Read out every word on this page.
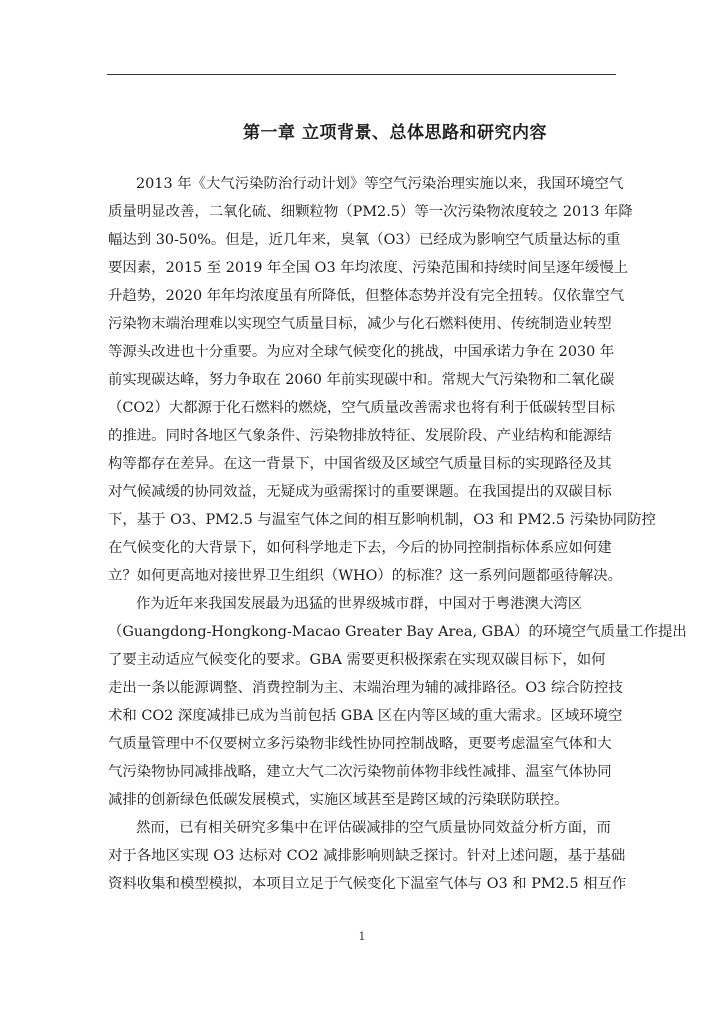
第一章 立项背景、总体思路和研究内容
2013 年《大气污染防治行动计划》等空气污染治理实施以来，我国环境空气
质量明显改善，二氧化硫、细颗粒物（PM2.5）等一次污染物浓度较之 2013 年降
幅达到 30-50%。但是，近几年来，臭氧（O3）已经成为影响空气质量达标的重
要因素，2015 至 2019 年全国 O3 年均浓度、污染范围和持续时间呈逐年缓慢上
升趋势，2020 年年均浓度虽有所降低，但整体态势并没有完全扭转。仅依靠空气
污染物末端治理难以实现空气质量目标，减少与化石燃料使用、传统制造业转型
等源头改进也十分重要。为应对全球气候变化的挑战，中国承诺力争在 2030 年
前实现碳达峰，努力争取在 2060 年前实现碳中和。常规大气污染物和二氧化碳
（CO2）大都源于化石燃料的燃烧，空气质量改善需求也将有利于低碳转型目标
的推进。同时各地区气象条件、污染物排放特征、发展阶段、产业结构和能源结
构等都存在差异。在这一背景下，中国省级及区域空气质量目标的实现路径及其
对气候减缓的协同效益，无疑成为亟需探讨的重要课题。在我国提出的双碳目标
下，基于 O3、PM2.5 与温室气体之间的相互影响机制，O3 和 PM2.5 污染协同防控
在气候变化的大背景下，如何科学地走下去，今后的协同控制指标体系应如何建
立？如何更高地对接世界卫生组织（WHO）的标准？这一系列问题都亟待解决。
作为近年来我国发展最为迅猛的世界级城市群，中国对于粤港澳大湾区
（Guangdong-Hongkong-Macao Greater Bay Area, GBA）的环境空气质量工作提出
了要主动适应气候变化的要求。GBA 需要更积极探索在实现双碳目标下，如何
走出一条以能源调整、消费控制为主、末端治理为辅的减排路径。O3 综合防控技
术和 CO2 深度减排已成为当前包括 GBA 区在内等区域的重大需求。区域环境空
气质量管理中不仅要树立多污染物非线性协同控制战略，更要考虑温室气体和大
气污染物协同减排战略，建立大气二次污染物前体物非线性减排、温室气体协同
减排的创新绿色低碳发展模式，实施区域甚至是跨区域的污染联防联控。
然而，已有相关研究多集中在评估碳减排的空气质量协同效益分析方面，而
对于各地区实现 O3 达标对 CO2 减排影响则缺乏探讨。针对上述问题，基于基础
资料收集和模型模拟，本项目立足于气候变化下温室气体与 O3 和 PM2.5 相互作
1
